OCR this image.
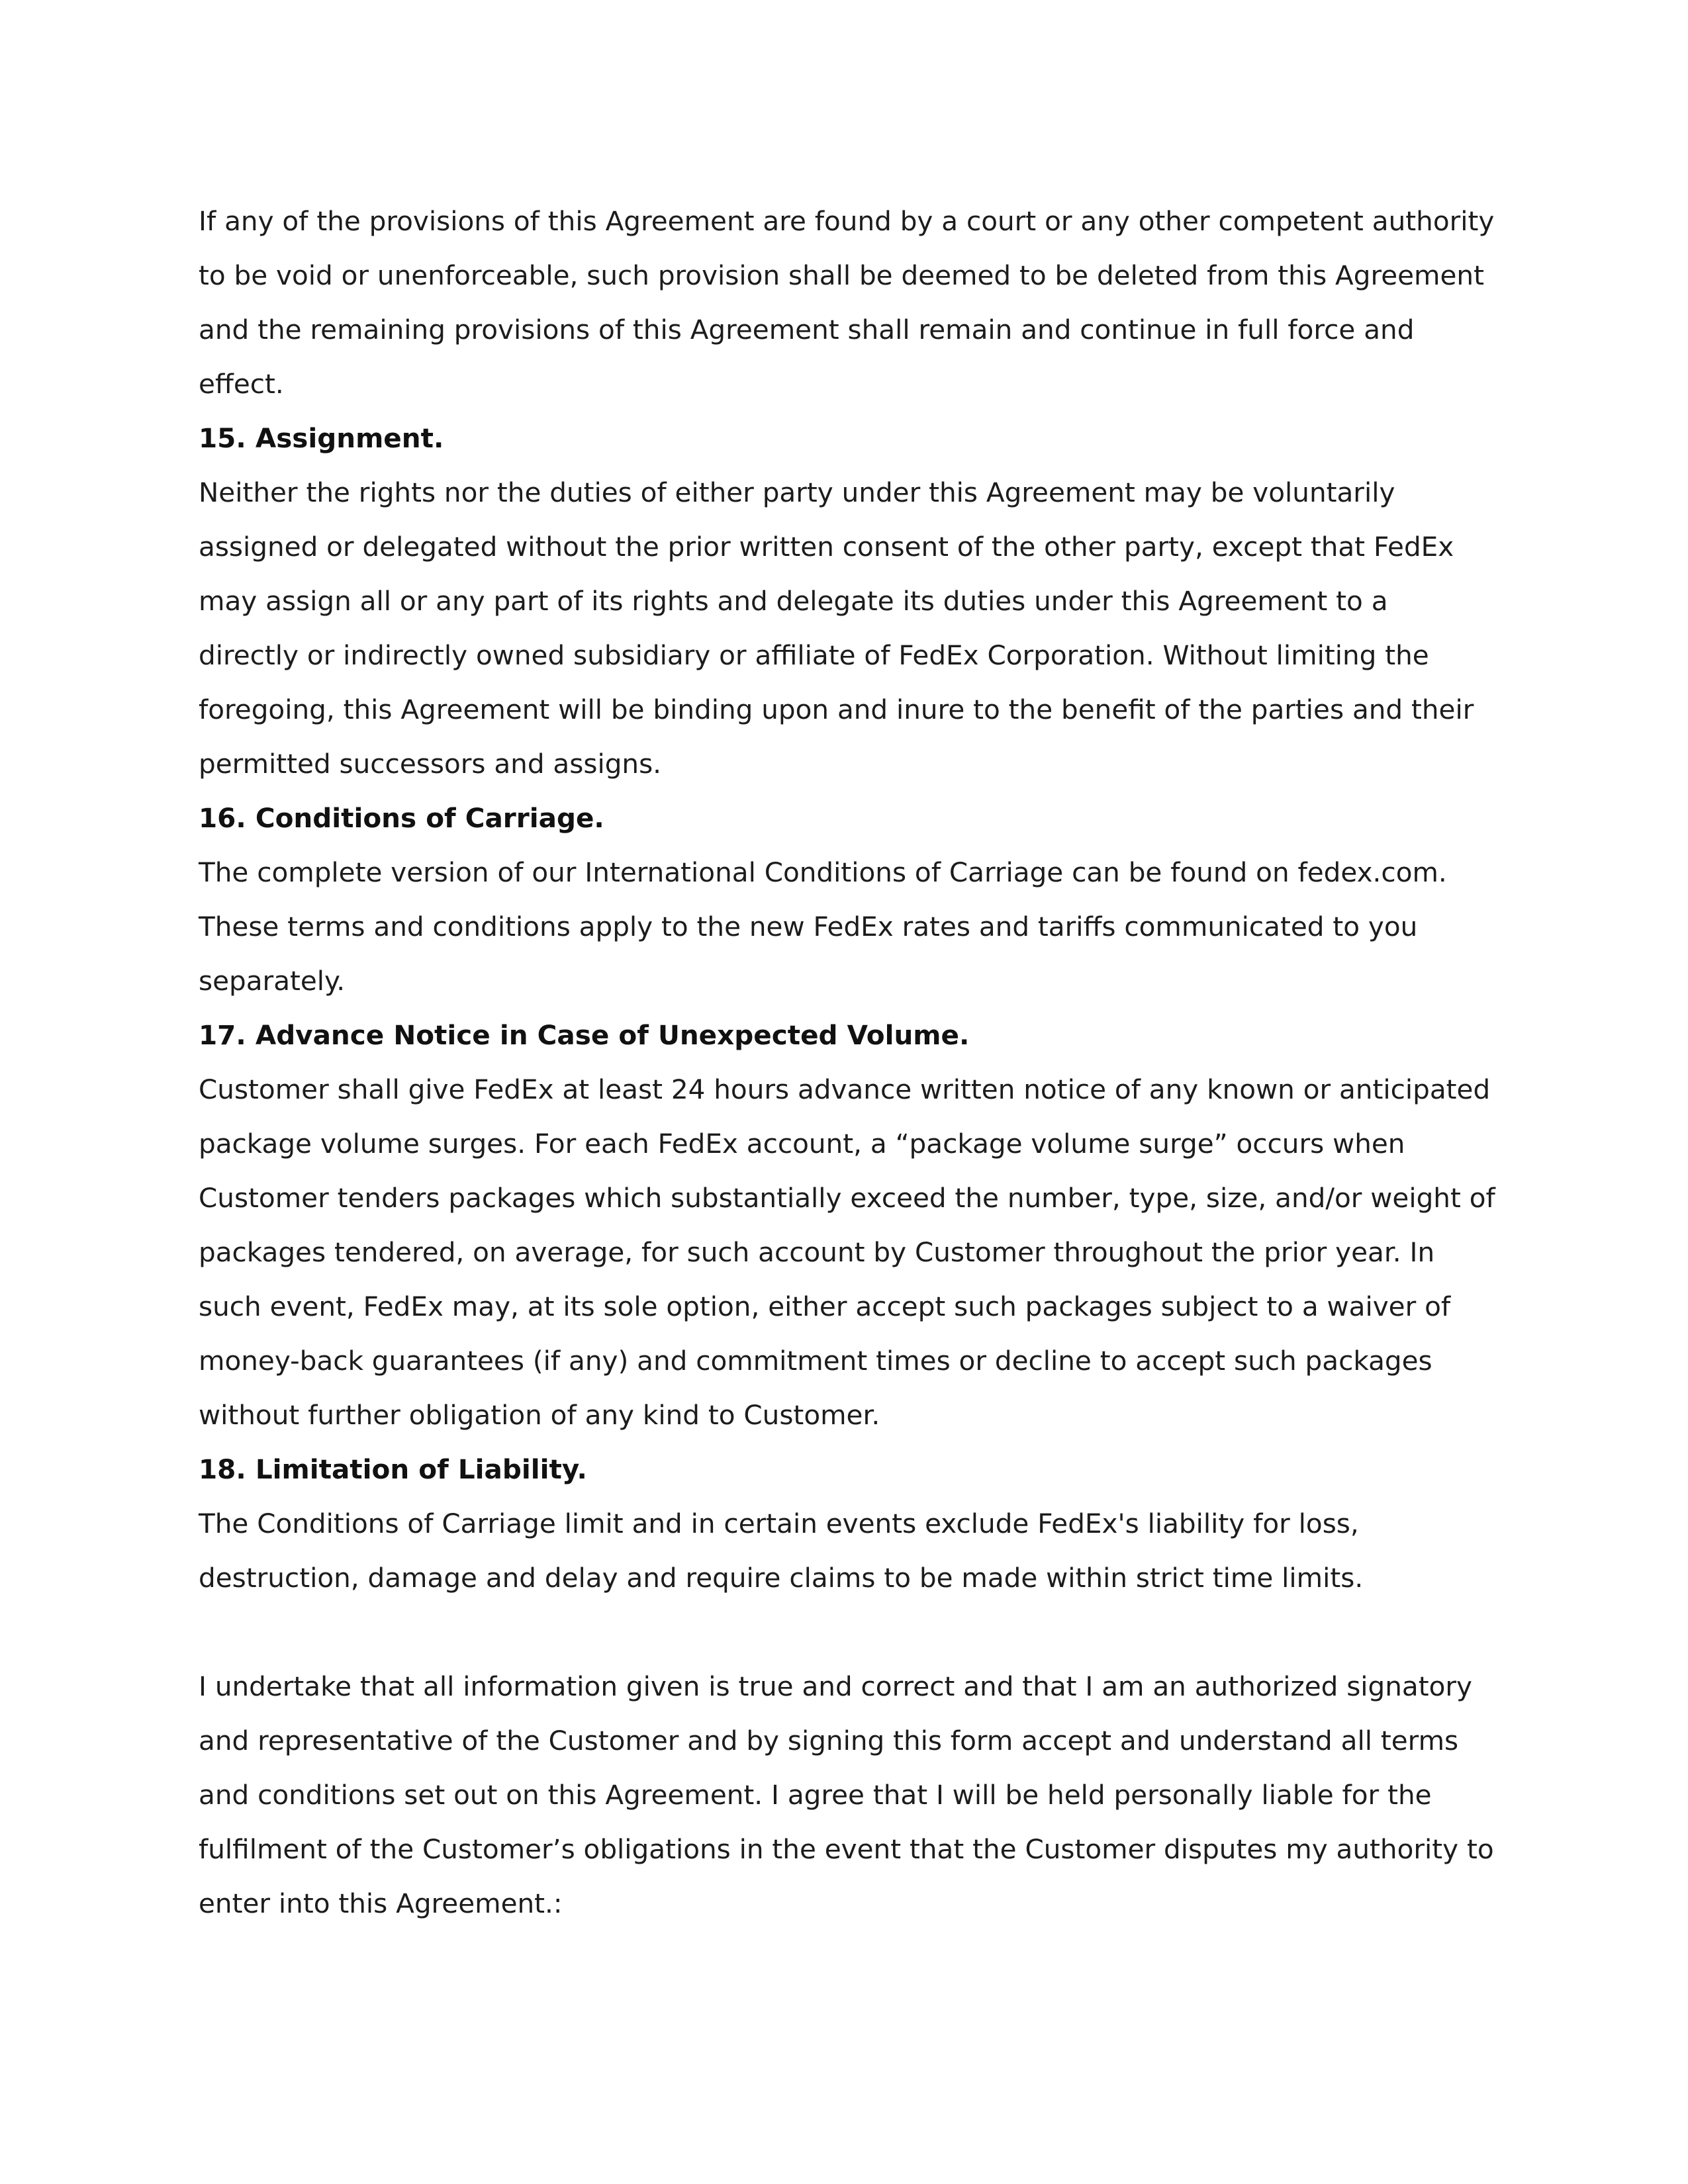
If any of the provisions of this Agreement are found by a court or any other competent authority to be void or unenforceable, such provision shall be deemed to be deleted from this Agreement and the remaining provisions of this Agreement shall remain and continue in full force and effect.

15. Assignment.

Neither the rights nor the duties of either party under this Agreement may be voluntarily assigned or delegated without the prior written consent of the other party, except that FedEx may assign all or any part of its rights and delegate its duties under this Agreement to a directly or indirectly owned subsidiary or affiliate of FedEx Corporation. Without limiting the foregoing, this Agreement will be binding upon and inure to the benefit of the parties and their permitted successors and assigns.

16. Conditions of Carriage.

The complete version of our International Conditions of Carriage can be found on fedex.com. These terms and conditions apply to the new FedEx rates and tariffs communicated to you separately.

17. Advance Notice in Case of Unexpected Volume.

Customer shall give FedEx at least 24 hours advance written notice of any known or anticipated package volume surges. For each FedEx account, a “package volume surge” occurs when Customer tenders packages which substantially exceed the number, type, size, and/or weight of packages tendered, on average, for such account by Customer throughout the prior year. In such event, FedEx may, at its sole option, either accept such packages subject to a waiver of money-back guarantees (if any) and commitment times or decline to accept such packages without further obligation of any kind to Customer.

18. Limitation of Liability.

The Conditions of Carriage limit and in certain events exclude FedEx's liability for loss, destruction, damage and delay and require claims to be made within strict time limits.

I undertake that all information given is true and correct and that I am an authorized signatory and representative of the Customer and by signing this form accept and understand all terms and conditions set out on this Agreement. I agree that I will be held personally liable for the fulfilment of the Customer’s obligations in the event that the Customer disputes my authority to enter into this Agreement.:
